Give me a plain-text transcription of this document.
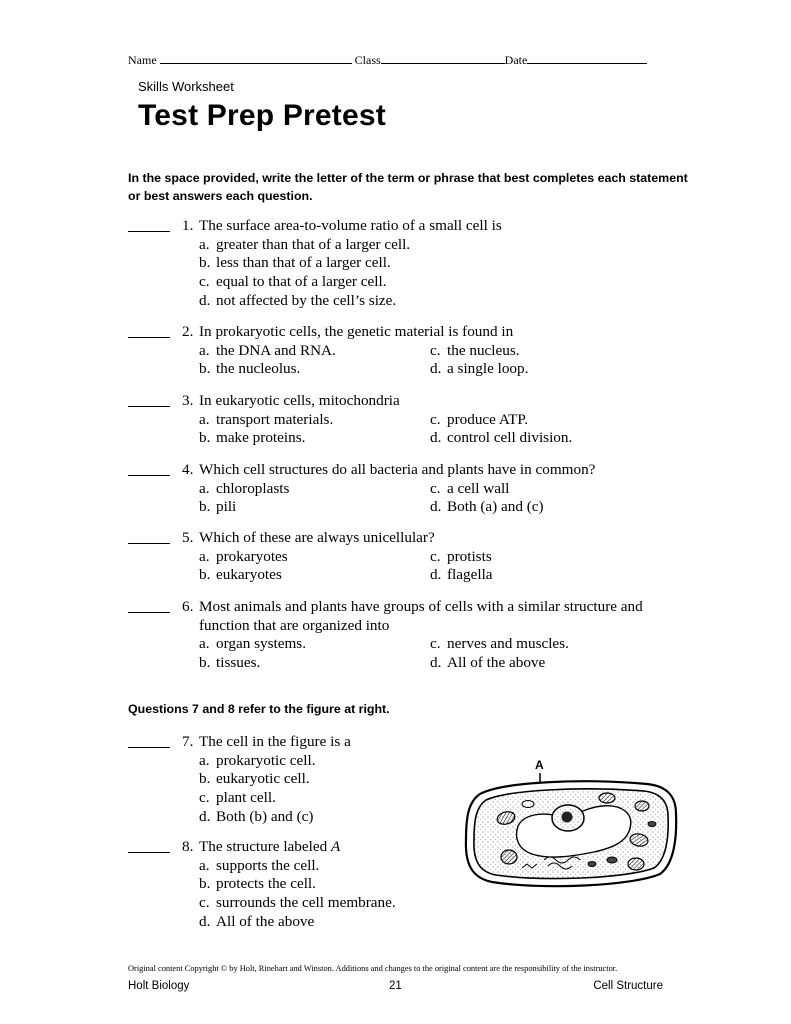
Name	Class	Date
Skills Worksheet
Test Prep Pretest
In the space provided, write the letter of the term or phrase that best completes each statement or best answers each question.
1. The surface area-to-volume ratio of a small cell is
a. greater than that of a larger cell.
b. less than that of a larger cell.
c. equal to that of a larger cell.
d. not affected by the cell’s size.
2. In prokaryotic cells, the genetic material is found in
a. the DNA and RNA.	c. the nucleus.
b. the nucleolus.	d. a single loop.
3. In eukaryotic cells, mitochondria
a. transport materials.	c. produce ATP.
b. make proteins.	d. control cell division.
4. Which cell structures do all bacteria and plants have in common?
a. chloroplasts	c. a cell wall
b. pili	d. Both (a) and (c)
5. Which of these are always unicellular?
a. prokaryotes	c. protists
b. eukaryotes	d. flagella
6. Most animals and plants have groups of cells with a similar structure and
function that are organized into
a. organ systems.	c. nerves and muscles.
b. tissues.	d. All of the above
7. The cell in the figure is a
a. prokaryotic cell.
b. eukaryotic cell.
c. plant cell.
d. Both (b) and (c)
8. The structure labeled A
a. supports the cell.
b. protects the cell.
c. surrounds the cell membrane.
d. All of the above
Questions 7 and 8 refer to the figure at right.
A
Original content Copyright © by Holt, Rinehart and Winston. Additions and changes to the original content are the responsibility of the instructor.
Holt Biology	21	Cell Structure
